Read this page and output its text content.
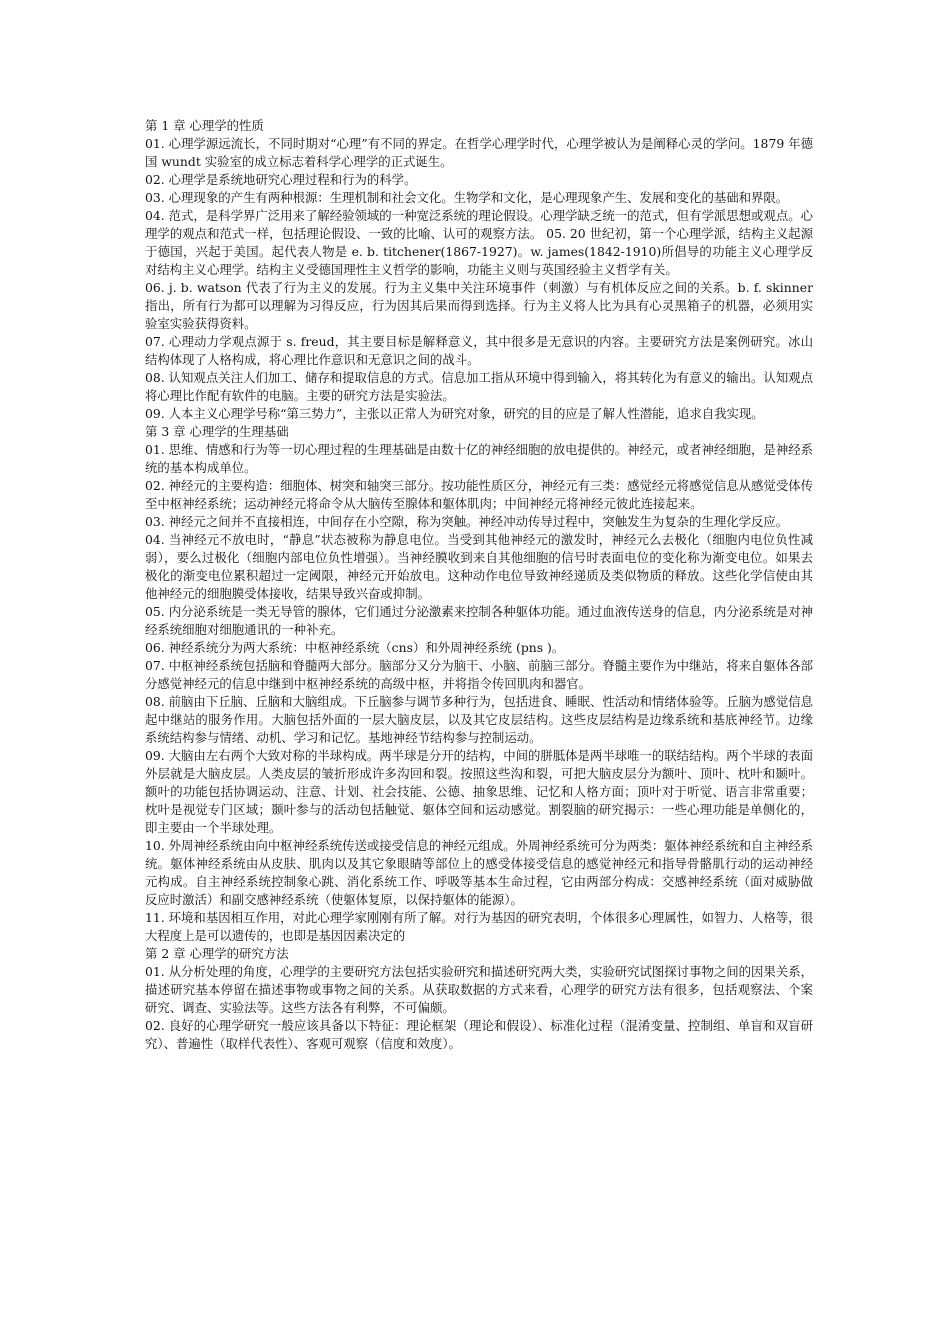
第 1 章 心理学的性质

01. 心理学源远流长，不同时期对“心理”有不同的界定。在哲学心理学时代，心理学被认为是阐释心灵的学问。1879 年德国 wundt 实验室的成立标志着科学心理学的正式诞生。

02. 心理学是系统地研究心理过程和行为的科学。

03. 心理现象的产生有两种根源：生理机制和社会文化。生物学和文化，是心理现象产生、发展和变化的基础和界限。

04. 范式，是科学界广泛用来了解经验领域的一种宽泛系统的理论假设。心理学缺乏统一的范式，但有学派思想或观点。心理学的观点和范式一样，包括理论假设、一致的比喻、认可的观察方法。 05. 20 世纪初，第一个心理学派，结构主义起源于德国，兴起于美国。起代表人物是 e. b. titchener(1867-1927)。w. james(1842-1910)所倡导的功能主义心理学反对结构主义心理学。结构主义受德国理性主义哲学的影响，功能主义则与英国经验主义哲学有关。

06. j. b. watson 代表了行为主义的发展。行为主义集中关注环境事件（刺激）与有机体反应之间的关系。b. f. skinner 指出，所有行为都可以理解为习得反应，行为因其后果而得到选择。行为主义将人比为具有心灵黑箱子的机器，必须用实验室实验获得资料。

07. 心理动力学观点源于 s. freud，其主要目标是解释意义，其中很多是无意识的内容。主要研究方法是案例研究。冰山结构体现了人格构成，将心理比作意识和无意识之间的战斗。

08. 认知观点关注人们加工、储存和提取信息的方式。信息加工指从环境中得到输入，将其转化为有意义的输出。认知观点将心理比作配有软件的电脑。主要的研究方法是实验法。

09. 人本主义心理学号称“第三势力”，主张以正常人为研究对象，研究的目的应是了解人性潜能，追求自我实现。

第 3 章 心理学的生理基础

01. 思维、情感和行为等一切心理过程的生理基础是由数十亿的神经细胞的放电提供的。神经元，或者神经细胞，是神经系统的基本构成单位。

02. 神经元的主要构造：细胞体、树突和轴突三部分。按功能性质区分，神经元有三类：感觉经元将感觉信息从感觉受体传至中枢神经系统；运动神经元将命令从大脑传至腺体和躯体肌肉；中间神经元将神经元彼此连接起来。

03. 神经元之间并不直接相连，中间存在小空隙，称为突触。神经冲动传导过程中，突触发生为复杂的生理化学反应。

04. 当神经元不放电时，“静息”状态被称为静息电位。当受到其他神经元的激发时，神经元么去极化（细胞内电位负性减弱），要么过极化（细胞内部电位负性增强）。当神经膜收到来自其他细胞的信号时表面电位的变化称为渐变电位。如果去极化的渐变电位累积超过一定阈限，神经元开始放电。这种动作电位导致神经递质及类似物质的释放。这些化学信使由其他神经元的细胞膜受体接收，结果导致兴奋或抑制。

05. 内分泌系统是一类无导管的腺体，它们通过分泌激素来控制各种躯体功能。通过血液传送身的信息，内分泌系统是对神经系统细胞对细胞通讯的一种补充。

06. 神经系统分为两大系统：中枢神经系统（cns）和外周神经系统 (pns )。

07. 中枢神经系统包括脑和脊髓两大部分。脑部分又分为脑干、小脑、前脑三部分。脊髓主要作为中继站，将来自躯体各部分感觉神经元的信息中继到中枢神经系统的高级中枢，并将指令传回肌肉和器官。

08. 前脑由下丘脑、丘脑和大脑组成。下丘脑参与调节多种行为，包括进食、睡眠、性活动和情绪体验等。丘脑为感觉信息起中继站的服务作用。大脑包括外面的一层大脑皮层，以及其它皮层结构。这些皮层结构是边缘系统和基底神经节。边缘系统结构参与情绪、动机、学习和记忆。基地神经节结构参与控制运动。

09. 大脑由左右两个大致对称的半球构成。两半球是分开的结构，中间的胼胝体是两半球唯一的联结结构。两个半球的表面外层就是大脑皮层。人类皮层的皱折形成许多沟回和裂。按照这些沟和裂，可把大脑皮层分为额叶、顶叶、枕叶和颞叶。额叶的功能包括协调运动、注意、计划、社会技能、公德、抽象思维、记忆和人格方面；顶叶对于听觉、语言非常重要；枕叶是视觉专门区域；颞叶参与的活动包括触觉、躯体空间和运动感觉。割裂脑的研究揭示：一些心理功能是单侧化的，即主要由一个半球处理。

10. 外周神经系统由向中枢神经系统传送或接受信息的神经元组成。外周神经系统可分为两类：躯体神经系统和自主神经系统。躯体神经系统由从皮肤、肌肉以及其它象眼睛等部位上的感受体接受信息的感觉神经元和指导骨骼肌行动的运动神经元构成。自主神经系统控制象心跳、消化系统工作、呼吸等基本生命过程，它由两部分构成：交感神经系统（面对威胁做反应时激活）和副交感神经系统（使躯体复原，以保持躯体的能源）。

11. 环境和基因相互作用，对此心理学家刚刚有所了解。对行为基因的研究表明，个体很多心理属性，如智力、人格等，很大程度上是可以遗传的，也即是基因因素决定的

第 2 章 心理学的研究方法

01. 从分析处理的角度，心理学的主要研究方法包括实验研究和描述研究两大类，实验研究试图探讨事物之间的因果关系，描述研究基本停留在描述事物或事物之间的关系。从获取数据的方式来看，心理学的研究方法有很多，包括观察法、个案研究、调查、实验法等。这些方法各有利弊，不可偏颇。

02. 良好的心理学研究一般应该具备以下特征：理论框架（理论和假设）、标准化过程（混淆变量、控制组、单盲和双盲研究）、普遍性（取样代表性）、客观可观察（信度和效度）。
